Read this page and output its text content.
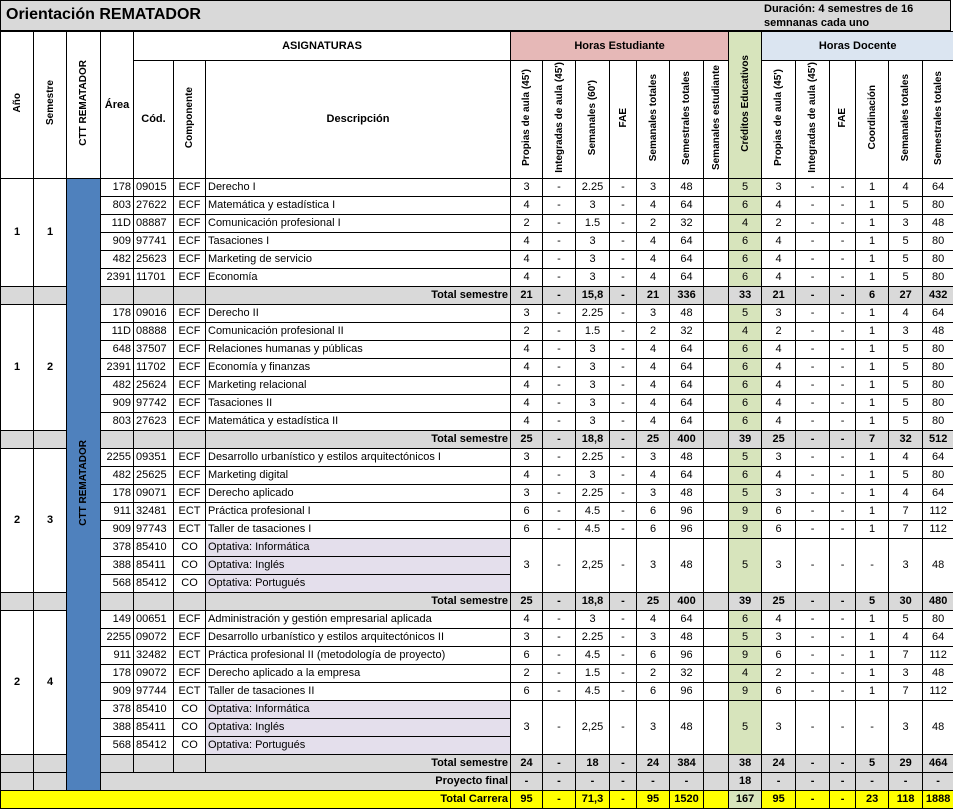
Orientación REMATADOR	Duración: 4 semestres de 16 semnanas cada uno
Año	Semestre	CTT REMATADOR	Área	ASIGNATURAS			Horas Estudiante							Créditos Educativos	Horas Docente					
				Cód.	Componente	Descripción	Propias de aula (45')	Integradas de aula (45')	Semanales (60')	FAE	Semanales totales	Semestrales totales	Semanales estudiante		Propias de aula (45')	Integradas de aula (45')	FAE	Coordinación	Semanales totales	Semestrales totales
1	1	CTT REMATADOR	178	09015	ECF	Derecho I	3	-	2.25	-	3	48		5	3	-	-	1	4	64
			803	27622	ECF	Matemática y estadística I	4	-	3	-	4	64		6	4	-	-	1	5	80
			11D	08887	ECF	Comunicación profesional I	2	-	1.5	-	2	32		4	2	-	-	1	3	48
			909	97741	ECF	Tasaciones I	4	-	3	-	4	64		6	4	-	-	1	5	80
			482	25623	ECF	Marketing de servicio	4	-	3	-	4	64		6	4	-	-	1	5	80
			2391	11701	ECF	Economía	4	-	3	-	4	64		6	4	-	-	1	5	80
						Total semestre	21	-	15,8	-	21	336		33	21	-	-	6	27	432
1	2		178	09016	ECF	Derecho II	3	-	2.25	-	3	48		5	3	-	-	1	4	64
			11D	08888	ECF	Comunicación profesional II	2	-	1.5	-	2	32		4	2	-	-	1	3	48
			648	37507	ECF	Relaciones humanas y públicas	4	-	3	-	4	64		6	4	-	-	1	5	80
			2391	11702	ECF	Economía y finanzas	4	-	3	-	4	64		6	4	-	-	1	5	80
			482	25624	ECF	Marketing relacional	4	-	3	-	4	64		6	4	-	-	1	5	80
			909	97742	ECF	Tasaciones II	4	-	3	-	4	64		6	4	-	-	1	5	80
			803	27623	ECF	Matemática y estadística II	4	-	3	-	4	64		6	4	-	-	1	5	80
						Total semestre	25	-	18,8	-	25	400		39	25	-	-	7	32	512
2	3		2255	09351	ECF	Desarrollo urbanístico y estilos arquitectónicos I	3	-	2.25	-	3	48		5	3	-	-	1	4	64
			482	25625	ECF	Marketing digital	4	-	3	-	4	64		6	4	-	-	1	5	80
			178	09071	ECF	Derecho aplicado	3	-	2.25	-	3	48		5	3	-	-	1	4	64
			911	32481	ECT	Práctica profesional I	6	-	4.5	-	6	96		9	6	-	-	1	7	112
			909	97743	ECT	Taller de tasaciones I	6	-	4.5	-	6	96		9	6	-	-	1	7	112
			378	85410	CO	Optativa: Informática	3	-	2,25	-	3	48		5	3	-	-	-	3	48
			388	85411	CO	Optativa: Inglés														
			568	85412	CO	Optativa: Portugués														
						Total semestre	25	-	18,8	-	25	400		39	25	-	-	5	30	480
2	4		149	00651	ECF	Administración y gestión empresarial aplicada	4	-	3	-	4	64		6	4	-	-	1	5	80
			2255	09072	ECF	Desarrollo urbanístico y estilos arquitectónicos II	3	-	2.25	-	3	48		5	3	-	-	1	4	64
			911	32482	ECT	Práctica profesional II (metodología de proyecto)	6	-	4.5	-	6	96		9	6	-	-	1	7	112
			178	09072	ECF	Derecho aplicado a la empresa	2	-	1.5	-	2	32		4	2	-	-	1	3	48
			909	97744	ECT	Taller de tasaciones II	6	-	4.5	-	6	96		9	6	-	-	1	7	112
			378	85410	CO	Optativa: Informática	3	-	2,25	-	3	48		5	3	-	-	-	3	48
			388	85411	CO	Optativa: Inglés														
			568	85412	CO	Optativa: Portugués														
						Total semestre	24	-	18	-	24	384		38	24	-	-	5	29	464
			Proyecto final				-	-	-	-	-	-		18	-	-	-	-	-	-
Total Carrera							95	-	71,3	-	95	1520		167	95	-	-	23	118	1888
